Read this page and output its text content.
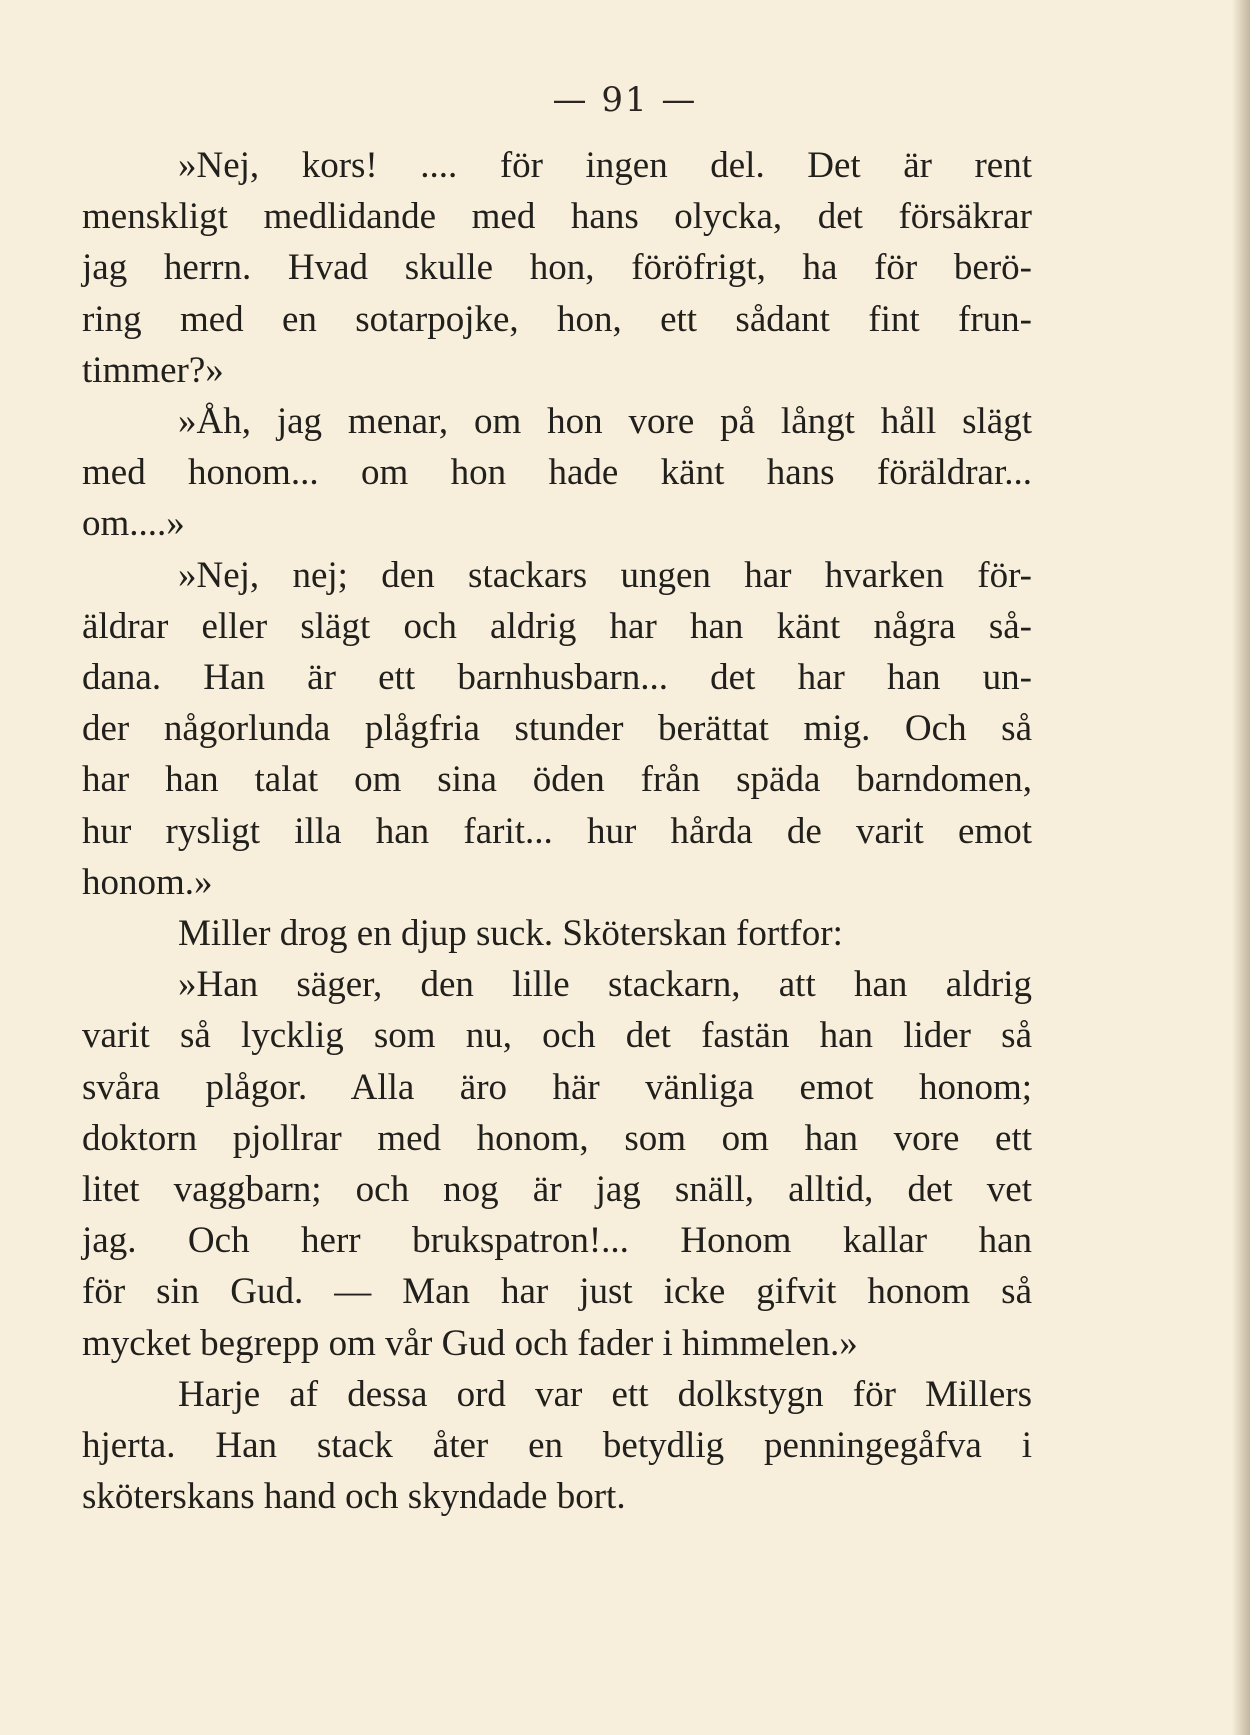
— 91 —

»Nej, kors! .... för ingen del. Det är rent
menskligt medlidande med hans olycka, det försäkrar
jag herrn. Hvad skulle hon, föröfrigt, ha för berö-
ring med en sotarpojke, hon, ett sådant fint frun-
timmer?»

»Åh, jag menar, om hon vore på långt håll slägt
med honom... om hon hade känt hans föräldrar...
om....»

»Nej, nej; den stackars ungen har hvarken för-
äldrar eller slägt och aldrig har han känt några så-
dana. Han är ett barnhusbarn... det har han un-
der någorlunda plågfria stunder berättat mig. Och så
har han talat om sina öden från späda barndomen,
hur rysligt illa han farit... hur hårda de varit emot
honom.»

Miller drog en djup suck. Sköterskan fortfor:

»Han säger, den lille stackarn, att han aldrig
varit så lycklig som nu, och det fastän han lider så
svåra plågor. Alla äro här vänliga emot honom;
doktorn pjollrar med honom, som om han vore ett
litet vaggbarn; och nog är jag snäll, alltid, det vet
jag. Och herr brukspatron!... Honom kallar han
för sin Gud. — Man har just icke gifvit honom så
mycket begrepp om vår Gud och fader i himmelen.»

Harje af dessa ord var ett dolkstygn för Millers
hjerta. Han stack åter en betydlig penningegåfva i
sköterskans hand och skyndade bort.
